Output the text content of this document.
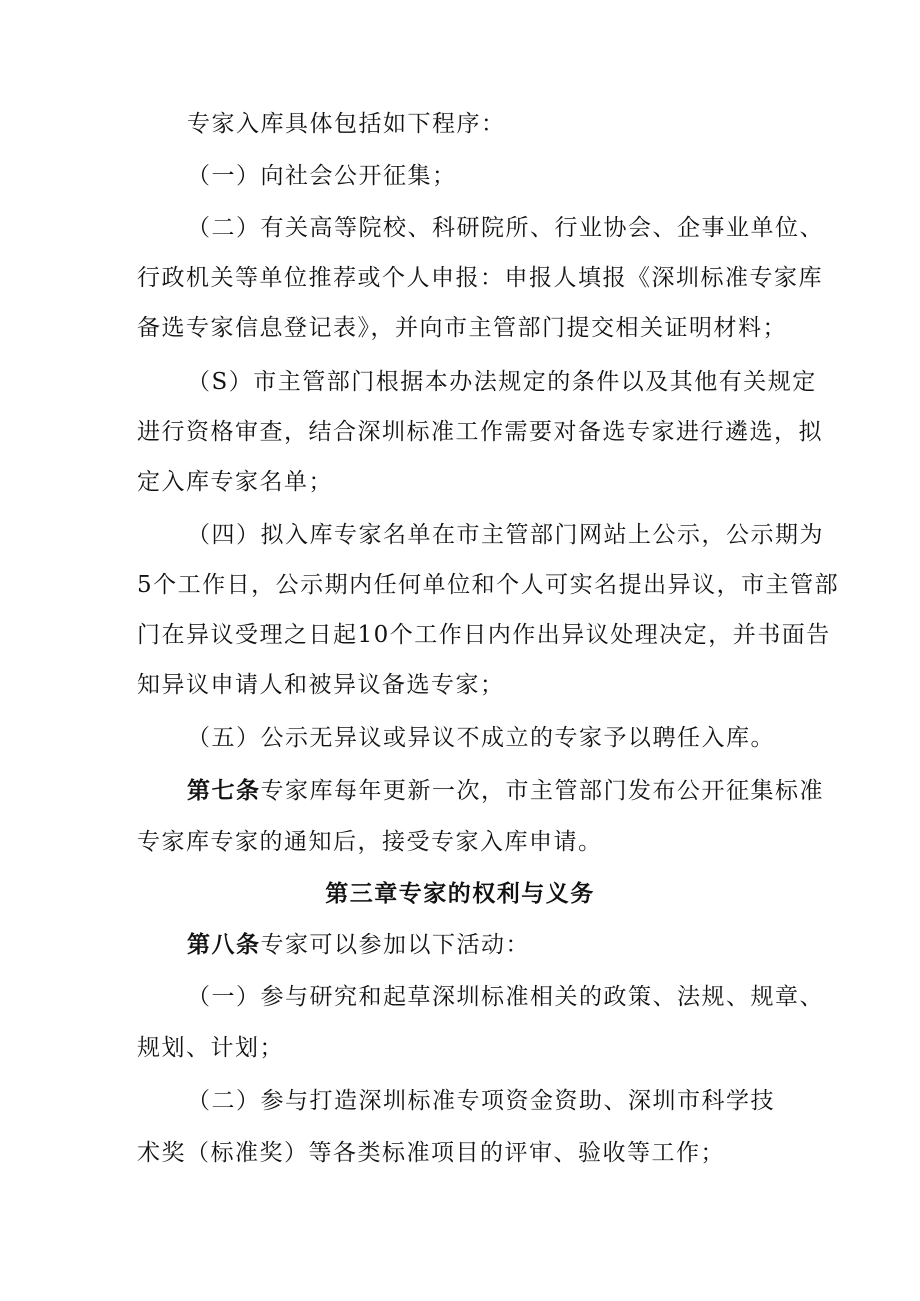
专家入库具体包括如下程序：
（一）向社会公开征集；
（二）有关高等院校、科研院所、行业协会、企事业单位、
行政机关等单位推荐或个人申报：申报人填报《深圳标准专家库
备选专家信息登记表》，并向市主管部门提交相关证明材料；
（S）市主管部门根据本办法规定的条件以及其他有关规定
进行资格审查，结合深圳标准工作需要对备选专家进行遴选，拟
定入库专家名单；
（四）拟入库专家名单在市主管部门网站上公示，公示期为
5个工作日，公示期内任何单位和个人可实名提出异议，市主管部
门在异议受理之日起10个工作日内作出异议处理决定，并书面告
知异议申请人和被异议备选专家；
（五）公示无异议或异议不成立的专家予以聘任入库。
第七条专家库每年更新一次，市主管部门发布公开征集标准
专家库专家的通知后，接受专家入库申请。
第三章专家的权利与义务
第八条专家可以参加以下活动：
（一）参与研究和起草深圳标准相关的政策、法规、规章、
规划、计划；
（二）参与打造深圳标准专项资金资助、深圳市科学技
术奖（标准奖）等各类标准项目的评审、验收等工作；
